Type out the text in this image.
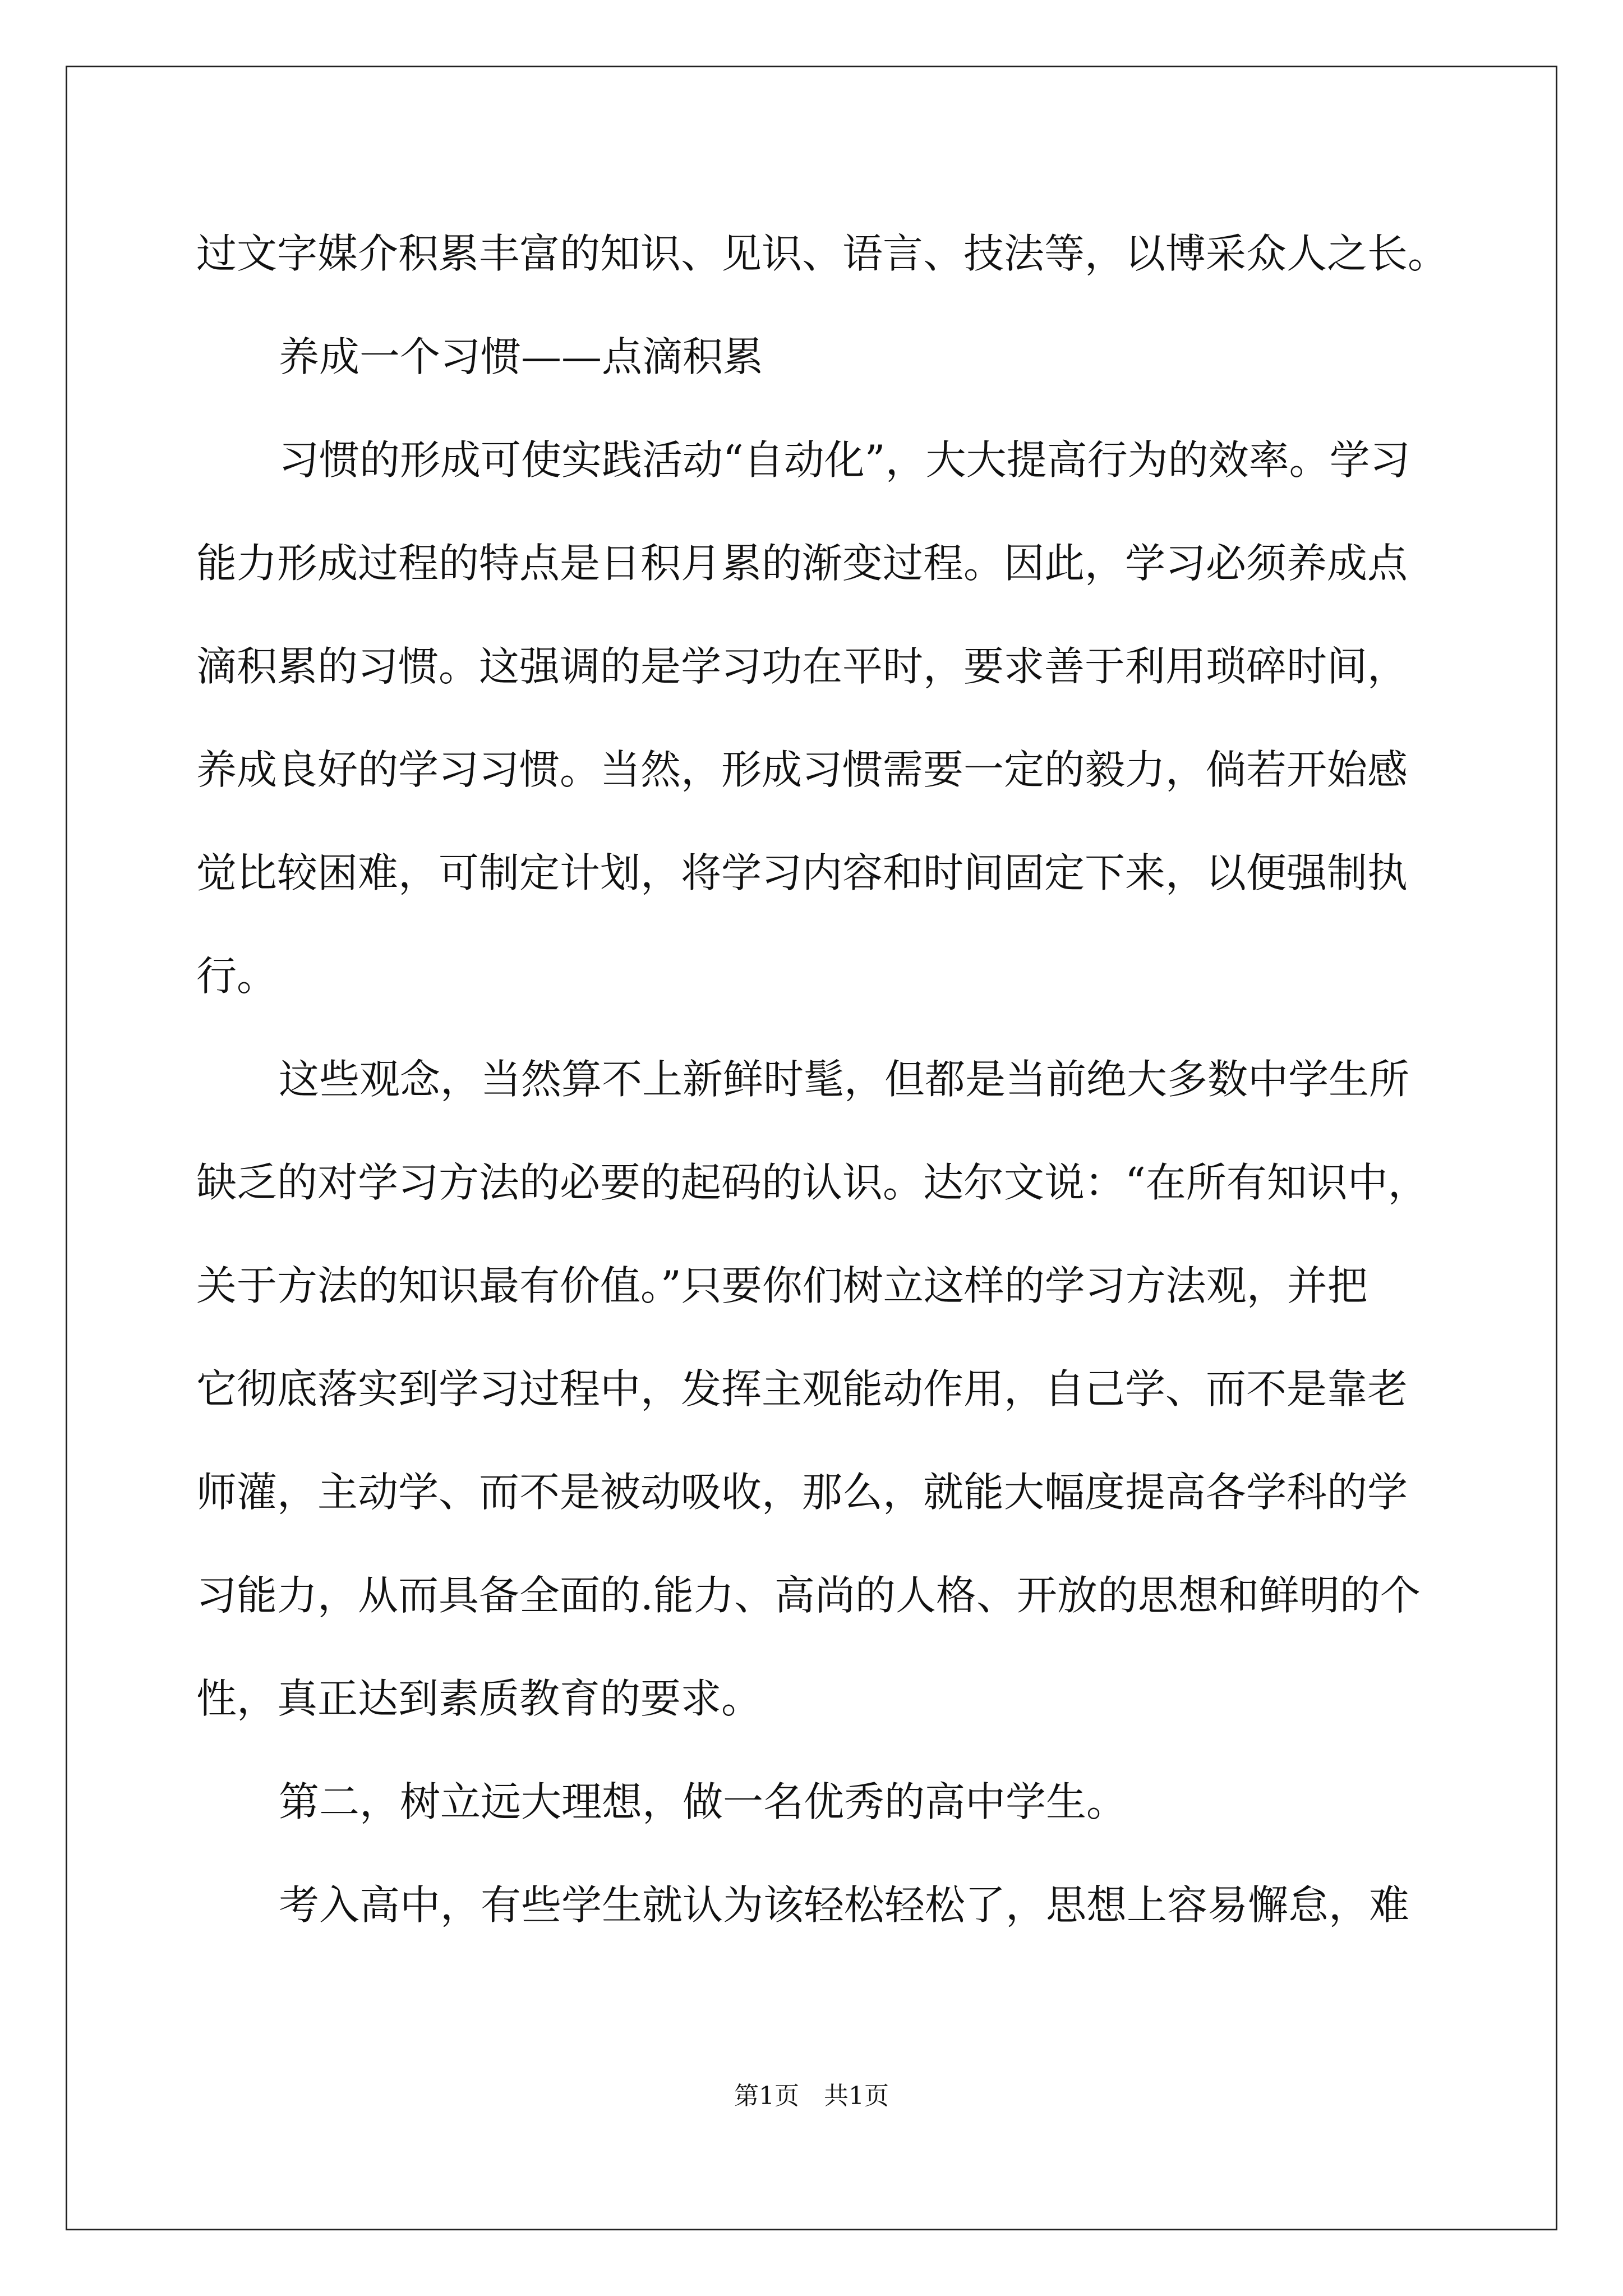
过文字媒介积累丰富的知识、见识、语言、技法等，以博采众人之长。
养成一个习惯——点滴积累
习惯的形成可使实践活动“自动化”，大大提高行为的效率。学习
能力形成过程的特点是日积月累的渐变过程。因此，学习必须养成点
滴积累的习惯。这强调的是学习功在平时，要求善于利用琐碎时间，
养成良好的学习习惯。当然，形成习惯需要一定的毅力，倘若开始感
觉比较困难，可制定计划，将学习内容和时间固定下来，以便强制执
行。
这些观念，当然算不上新鲜时髦，但都是当前绝大多数中学生所
缺乏的对学习方法的必要的起码的认识。达尔文说：“在所有知识中，
关于方法的知识最有价值。”只要你们树立这样的学习方法观，并把
它彻底落实到学习过程中，发挥主观能动作用，自己学、而不是靠老
师灌，主动学、而不是被动吸收，那么，就能大幅度提高各学科的学
习能力，从而具备全面的.能力、高尚的人格、开放的思想和鲜明的个
性，真正达到素质教育的要求。
第二，树立远大理想，做一名优秀的高中学生。
考入高中，有些学生就认为该轻松轻松了，思想上容易懈怠，难
第1页　共1页
